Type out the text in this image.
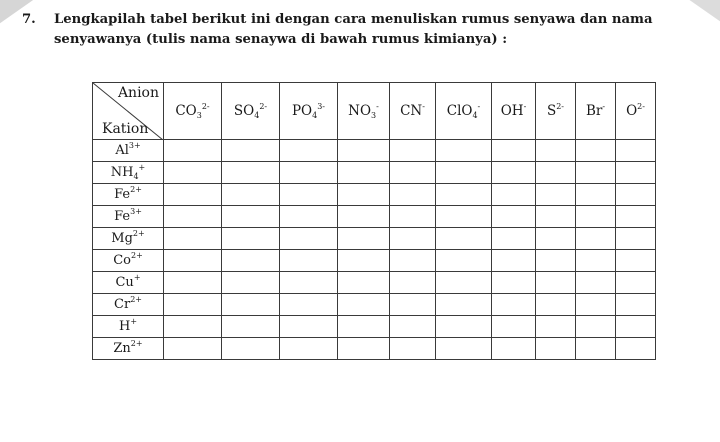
7. Lengkapilah tabel berikut ini dengan cara menuliskan rumus senyawa dan nama
senyawanya (tulis nama senaywa di bawah rumus kimianya) :
Anion
Kation	$CO_3^{2-}$	$SO_4^{2-}$	$PO_4^{3-}$	$NO_3^-$	CN-	ClO$_4$-	OH-	$S^{2-}$	Br-	$O^{2-}$
$Al^{3+}$										
$NH_4^+$										
$Fe^{2+}$										
$Fe^{3+}$										
$Mg^{2+}$										
$Co^{2+}$										
Cu+										
$Cr^{2+}$										
H+										
$Zn^{2+}$										
